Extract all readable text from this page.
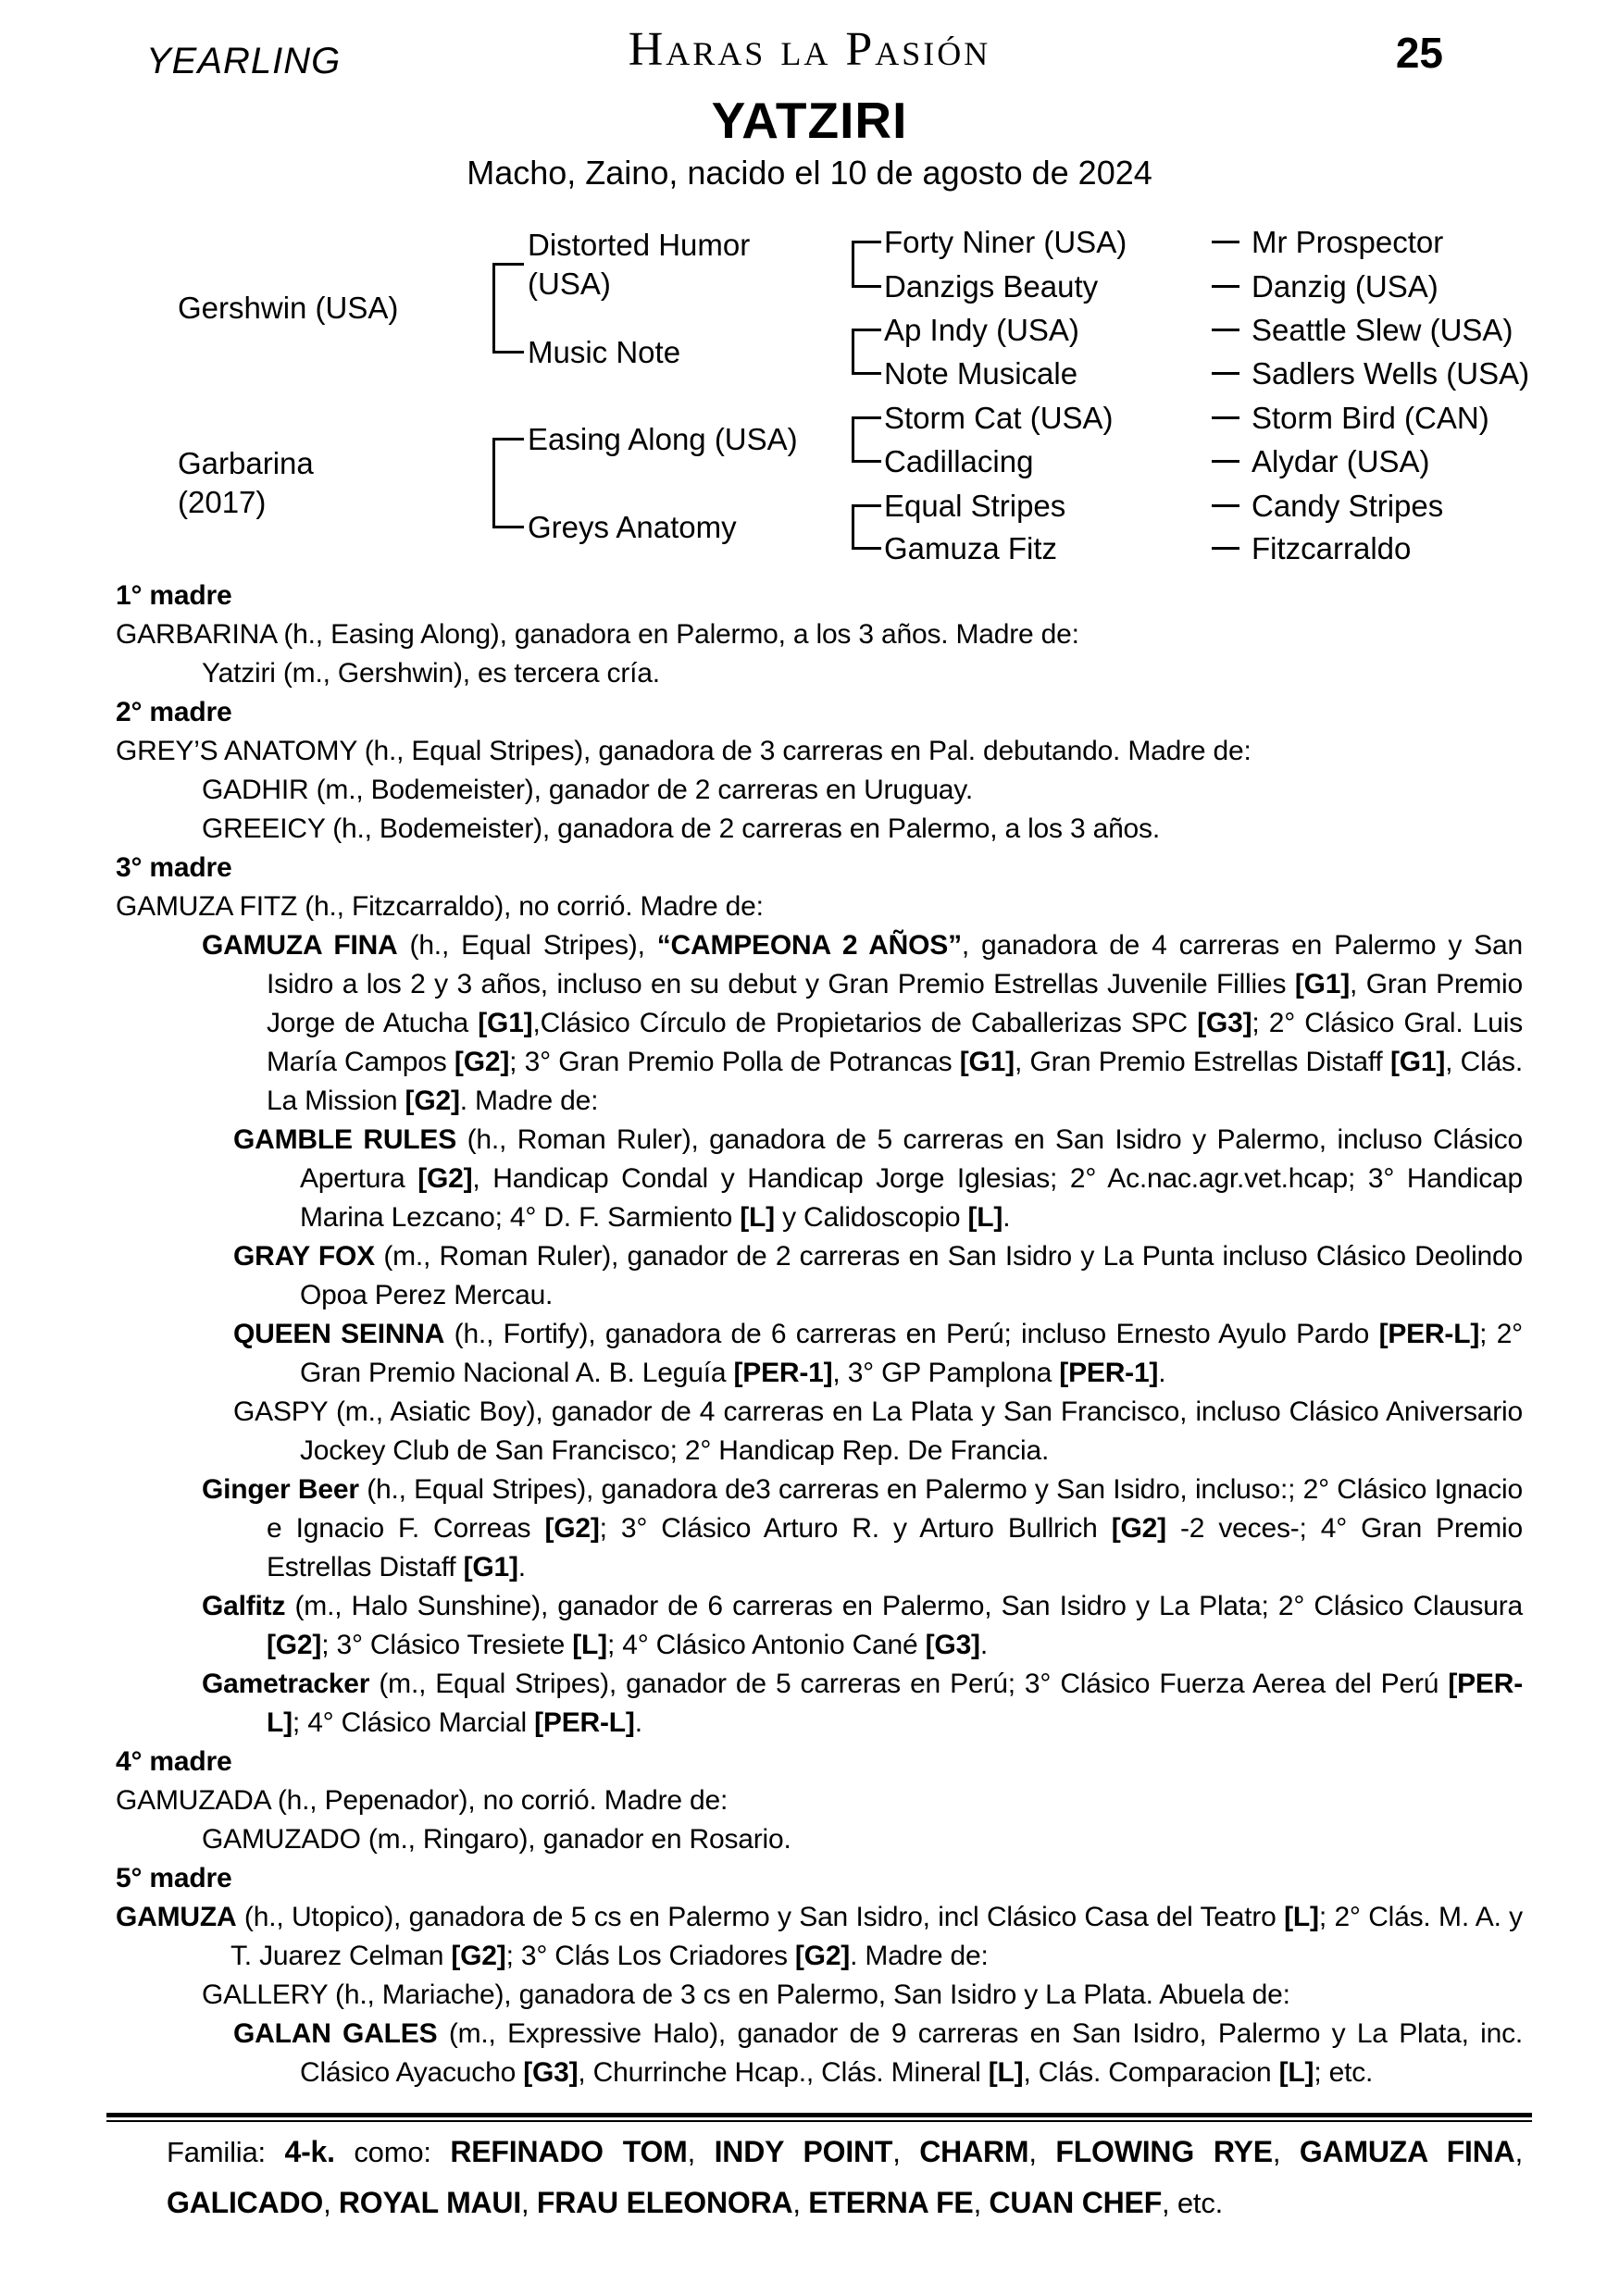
YEARLING	Haras la Pasión	25
YATZIRI
Macho, Zaino, nacido el 10 de agosto de 2024
Gershwin (USA)
Garbarina (2017)
Distorted Humor (USA)
Music Note
Easing Along (USA)
Greys Anatomy
Forty Niner (USA)
Danzigs Beauty
Ap Indy (USA)
Note Musicale
Storm Cat (USA)
Cadillacing
Equal Stripes
Gamuza Fitz
Mr Prospector
Danzig (USA)
Seattle Slew (USA)
Sadlers Wells (USA)
Storm Bird (CAN)
Alydar (USA)
Candy Stripes
Fitzcarraldo

1° madre

GARBARINA (h., Easing Along), ganadora en Palermo, a los 3 años. Madre de:

Yatziri (m., Gershwin), es tercera cría.

2° madre

GREY’S ANATOMY (h., Equal Stripes), ganadora de 3 carreras en Pal. debutando. Madre de:

GADHIR (m., Bodemeister), ganador de 2 carreras en Uruguay.

GREEICY (h., Bodemeister), ganadora de 2 carreras en Palermo, a los 3 años.

3° madre

GAMUZA FITZ (h., Fitzcarraldo), no corrió. Madre de:

GAMUZA FINA (h., Equal Stripes), “CAMPEONA 2 AÑOS”, ganadora de 4 carreras en Palermo y San Isidro a los 2 y 3 años, incluso en su debut y Gran Premio Estrellas Juvenile Fillies [G1], Gran Premio Jorge de Atucha [G1],Clásico Círculo de Propietarios de Caballerizas SPC [G3]; 2° Clásico Gral. Luis María Campos [G2]; 3° Gran Premio Polla de Potrancas [G1], Gran Premio Estrellas Distaff [G1], Clás. La Mission [G2]. Madre de:

GAMBLE RULES (h., Roman Ruler), ganadora de 5 carreras en San Isidro y Palermo, incluso Clásico Apertura [G2], Handicap Condal y Handicap Jorge Iglesias; 2° Ac.nac.agr.vet.hcap; 3° Handicap Marina Lezcano; 4° D. F. Sarmiento [L] y Calidoscopio [L].

GRAY FOX (m., Roman Ruler), ganador de 2 carreras en San Isidro y La Punta incluso Clásico Deolindo Opoa Perez Mercau.

QUEEN SEINNA (h., Fortify), ganadora de 6 carreras en Perú; incluso Ernesto Ayulo Pardo [PER-L]; 2° Gran Premio Nacional A. B. Leguía [PER-1], 3° GP Pamplona [PER-1].

GASPY (m., Asiatic Boy), ganador de 4 carreras en La Plata y San Francisco, incluso Clásico Aniversario Jockey Club de San Francisco; 2° Handicap Rep. De Francia.

Ginger Beer (h., Equal Stripes), ganadora de3 carreras en Palermo y San Isidro, incluso:; 2° Clásico Ignacio e Ignacio F. Correas [G2]; 3° Clásico Arturo R. y Arturo Bullrich [G2] -2 veces-; 4° Gran Premio Estrellas Distaff [G1].

Galfitz (m., Halo Sunshine), ganador de 6 carreras en Palermo, San Isidro y La Plata; 2° Clásico Clausura [G2]; 3° Clásico Tresiete [L]; 4° Clásico Antonio Cané [G3].

Gametracker (m., Equal Stripes), ganador de 5 carreras en Perú; 3° Clásico Fuerza Aerea del Perú [PER-L]; 4° Clásico Marcial [PER-L].

4° madre

GAMUZADA (h., Pepenador), no corrió. Madre de:

GAMUZADO (m., Ringaro), ganador en Rosario.

5° madre

GAMUZA (h., Utopico), ganadora de 5 cs en Palermo y San Isidro, incl Clásico Casa del Teatro [L]; 2° Clás. M. A. y T. Juarez Celman [G2]; 3° Clás Los Criadores [G2]. Madre de:

GALLERY (h., Mariache), ganadora de 3 cs en Palermo, San Isidro y La Plata. Abuela de:

GALAN GALES (m., Expressive Halo), ganador de 9 carreras en San Isidro, Palermo y La Plata, inc. Clásico Ayacucho [G3], Churrinche Hcap., Clás. Mineral [L], Clás. Comparacion [L]; etc.

Familia: 4-k. como: REFINADO TOM, INDY POINT, CHARM, FLOWING RYE, GAMUZA FINA,

GALICADO, ROYAL MAUI, FRAU ELEONORA, ETERNA FE, CUAN CHEF, etc.
